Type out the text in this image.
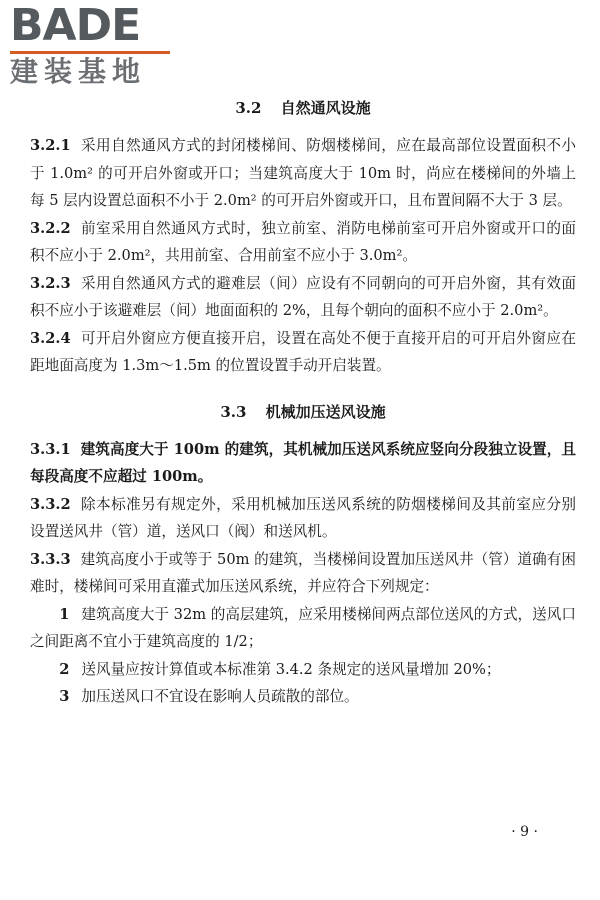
BADE
建装基地
3.2 自然通风设施

3.2.1 采用自然通风方式的封闭楼梯间、防烟楼梯间，应在最高部位设置面积不小于 1.0m² 的可开启外窗或开口；当建筑高度大于 10m 时，尚应在楼梯间的外墙上每 5 层内设置总面积不小于 2.0m² 的可开启外窗或开口，且布置间隔不大于 3 层。

3.2.2 前室采用自然通风方式时，独立前室、消防电梯前室可开启外窗或开口的面积不应小于 2.0m²，共用前室、合用前室不应小于 3.0m²。

3.2.3 采用自然通风方式的避难层（间）应设有不同朝向的可开启外窗，其有效面积不应小于该避难层（间）地面面积的 2%，且每个朝向的面积不应小于 2.0m²。

3.2.4 可开启外窗应方便直接开启，设置在高处不便于直接开启的可开启外窗应在距地面高度为 1.3m～1.5m 的位置设置手动开启装置。

3.3 机械加压送风设施

3.3.1 建筑高度大于 100m 的建筑，其机械加压送风系统应竖向分段独立设置，且每段高度不应超过 100m。

3.3.2 除本标准另有规定外，采用机械加压送风系统的防烟楼梯间及其前室应分别设置送风井（管）道，送风口（阀）和送风机。

3.3.3 建筑高度小于或等于 50m 的建筑，当楼梯间设置加压送风井（管）道确有困难时，楼梯间可采用直灌式加压送风系统，并应符合下列规定：

1 建筑高度大于 32m 的高层建筑，应采用楼梯间两点部位送风的方式，送风口之间距离不宜小于建筑高度的 1/2；

2 送风量应按计算值或本标准第 3.4.2 条规定的送风量增加 20%；

3 加压送风口不宜设在影响人员疏散的部位。

· 9 ·
